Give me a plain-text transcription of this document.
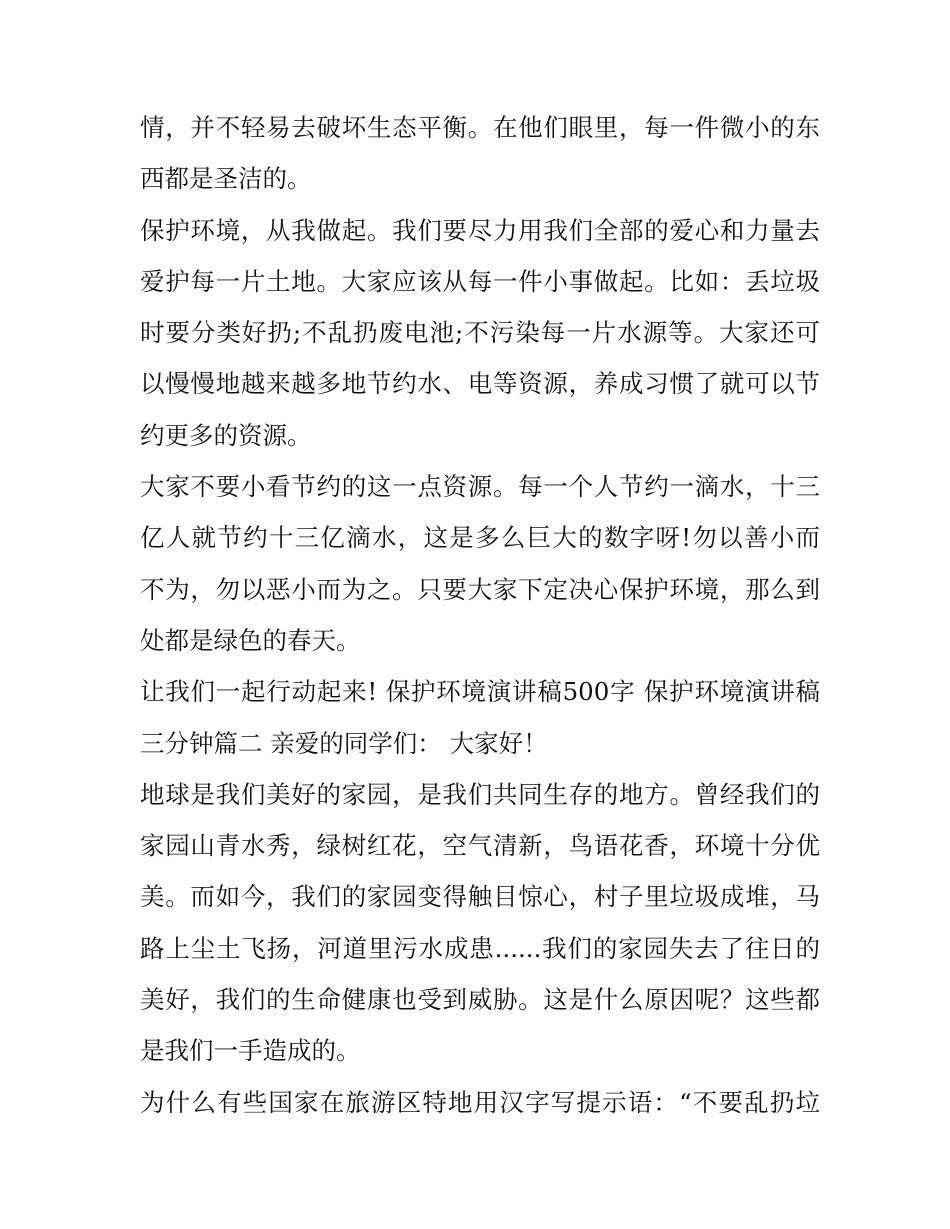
情，并不轻易去破坏生态平衡。在他们眼里，每一件微小的东
西都是圣洁的。
保护环境，从我做起。我们要尽力用我们全部的爱心和力量去
爱护每一片土地。大家应该从每一件小事做起。比如：丢垃圾
时要分类好扔;不乱扔废电池;不污染每一片水源等。大家还可
以慢慢地越来越多地节约水、电等资源，养成习惯了就可以节
约更多的资源。
大家不要小看节约的这一点资源。每一个人节约一滴水，十三
亿人就节约十三亿滴水，这是多么巨大的数字呀!勿以善小而
不为，勿以恶小而为之。只要大家下定决心保护环境，那么到
处都是绿色的春天。
让我们一起行动起来! 保护环境演讲稿500字 保护环境演讲稿
三分钟篇二 亲爱的同学们： 大家好！
地球是我们美好的家园，是我们共同生存的地方。曾经我们的
家园山青水秀，绿树红花，空气清新，鸟语花香，环境十分优
美。而如今，我们的家园变得触目惊心，村子里垃圾成堆，马
路上尘土飞扬，河道里污水成患......我们的家园失去了往日的
美好，我们的生命健康也受到威胁。这是什么原因呢？这些都
是我们一手造成的。
为什么有些国家在旅游区特地用汉字写提示语：“不要乱扔垃
